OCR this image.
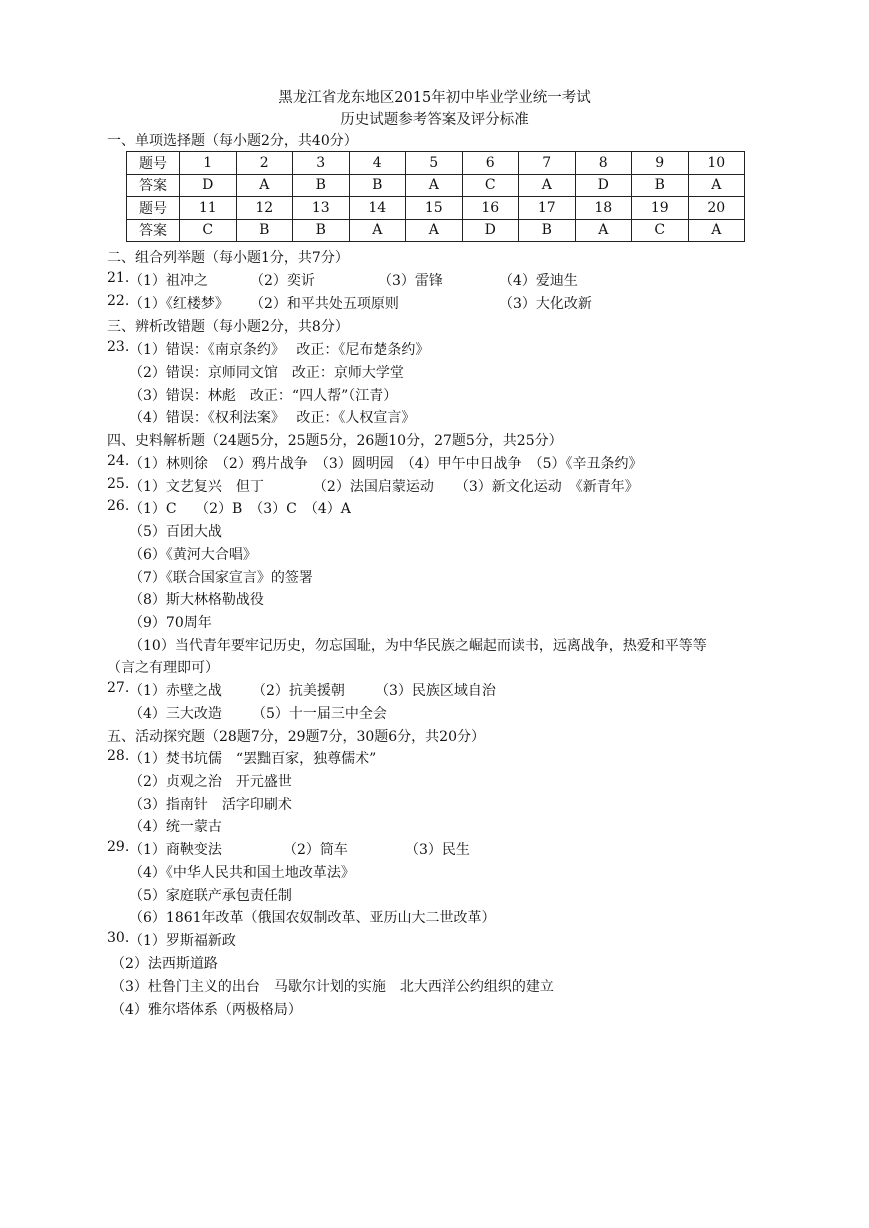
黑龙江省龙东地区2015年初中毕业学业统一考试
历史试题参考答案及评分标准
一、单项选择题（每小题2分，共40分）
题号	1	2	3	4	5	6	7	8	9	10
答案	D	A	B	B	A	C	A	D	B	A
题号	11	12	13	14	15	16	17	18	19	20
答案	C	B	B	A	A	D	B	A	C	A
二、组合列举题（每小题1分，共7分）
21. （1）祖冲之	（2）奕䜣	（3）雷锋	（4）爱迪生
22. （1）《红楼梦》 （2）和平共处五项原则	（3）大化改新
三、辨析改错题（每小题2分，共8分）
23. （1）错误：《南京条约》　 改正：《尼布楚条约》
（2）错误：京师同文馆　改正：京师大学堂
（3）错误：林彪　改正：“四人帮”（江青）
（4）错误：《权利法案》　 改正：《人权宣言》
四、史料解析题（24题5分，25题5分，26题10分，27题5分，共25分）
24. （1）林则徐　（2）鸦片战争　（3）圆明园　（4）甲午中日战争　（5）《辛丑条约》
25. （1）文艺复兴　但丁　　　　（2）法国启蒙运动　　（3）新文化运动　《新青年》
26. （1）C　 （2）B　（3）C　（4）A
（5）百团大战
（6）《黄河大合唱》
（7）《联合国家宣言》的签署
（8）斯大林格勒战役
（9）70周年
（10）当代青年要牢记历史，勿忘国耻，为中华民族之崛起而读书，远离战争，热爱和平等等
（言之有理即可）
27. （1）赤壁之战 （2）抗美援朝 （3）民族区域自治
（4）三大改造 （5）十一届三中全会
五、活动探究题（28题7分，29题7分，30题6分，共20分）
28. （1）焚书坑儒　“罢黜百家，独尊儒术”
（2）贞观之治　开元盛世
（3）指南针　活字印刷术
（4）统一蒙古
29. （1）商鞅变法	（2）筒车	（3）民生
（4）《中华人民共和国土地改革法》
（5）家庭联产承包责任制
（6）1861年改革（俄国农奴制改革、亚历山大二世改革）
30. （1）罗斯福新政
（2）法西斯道路
（3）杜鲁门主义的出台　马歇尔计划的实施　北大西洋公约组织的建立
（4）雅尔塔体系（两极格局）
